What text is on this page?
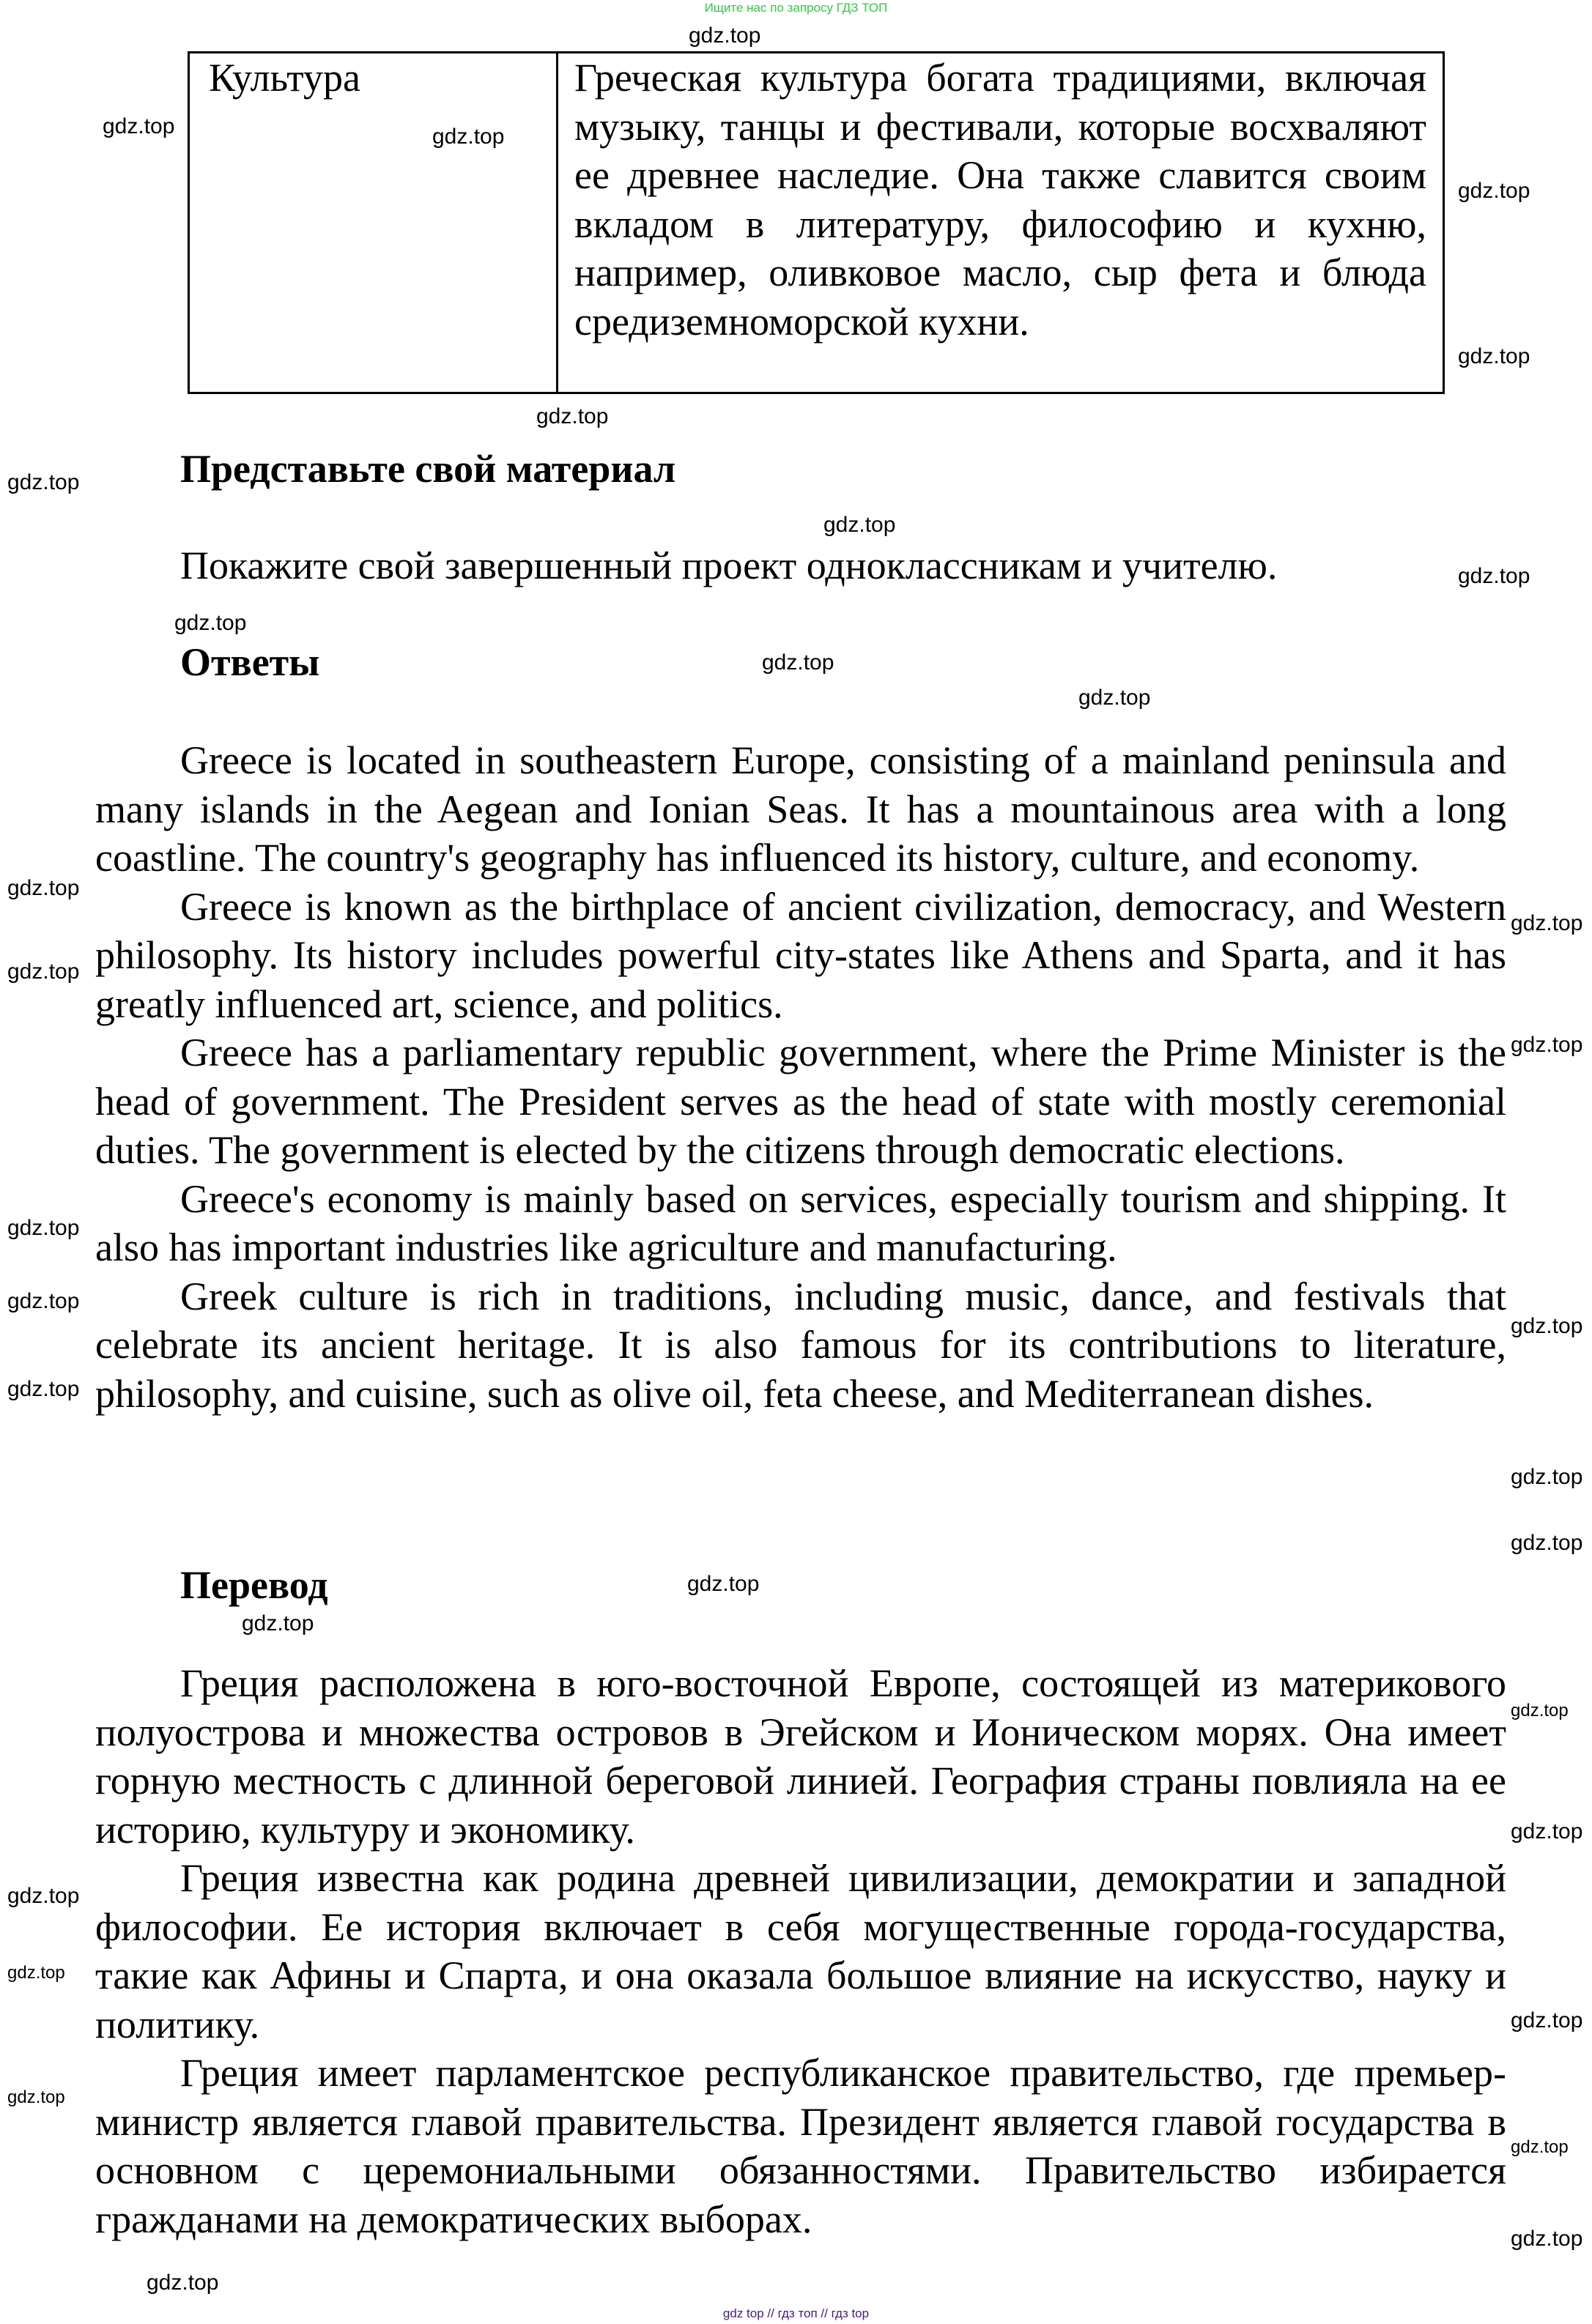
Ищите нас по запросу ГДЗ ТОП
Культура	Греческая культура богата традициями, включая музыку, танцы и фестивали, которые восхваляют ее древнее наследие. Она также славится своим вкладом в литературу, философию и кухню, например, оливковое масло, сыр фета и блюда средиземноморской кухни.
Представьте свой материал
Покажите свой завершенный проект одноклассникам и учителю.
Ответы

Greece is located in southeastern Europe, consisting of a mainland peninsula and many islands in the Aegean and Ionian Seas. It has a mountainous area with a long coastline. The country's geography has influenced its history, culture, and economy.

Greece is known as the birthplace of ancient civilization, democracy, and Western philosophy. Its history includes powerful city-states like Athens and Sparta, and it has greatly influenced art, science, and politics.

Greece has a parliamentary republic government, where the Prime Minister is the head of government. The President serves as the head of state with mostly ceremonial duties. The government is elected by the citizens through democratic elections.

Greece's economy is mainly based on services, especially tourism and shipping. It also has important industries like agriculture and manufacturing.

Greek culture is rich in traditions, including music, dance, and festivals that celebrate its ancient heritage. It is also famous for its contributions to literature, philosophy, and cuisine, such as olive oil, feta cheese, and Mediterranean dishes.

Перевод

Греция расположена в юго-восточной Европе, состоящей из материкового полуострова и множества островов в Эгейском и Ионическом морях. Она имеет горную местность с длинной береговой линией. География страны повлияла на ее историю, культуру и экономику.

Греция известна как родина древней цивилизации, демократии и западной философии. Ее история включает в себя могущественные города-государства, такие как Афины и Спарта, и она оказала большое влияние на искусство, науку и политику.

Греция имеет парламентское республиканское правительство, где премьер-министр является главой правительства. Президент является главой государства в основном с церемониальными обязанностями. Правительство избирается гражданами на демократических выборах.

gdz.top
gdz.top
gdz.top
gdz.top
gdz.top
gdz.top
gdz.top
gdz.top
gdz.top
gdz.top
gdz.top
gdz.top
gdz.top
gdz.top
gdz.top
gdz.top
gdz.top
gdz.top
gdz.top
gdz.top
gdz.top
gdz.top
gdz.top
gdz.top
gdz.top
gdz.top
gdz.top
gdz.top
gdz.top
gdz.top
gdz.top
gdz.top
gdz.top
gdz top // гдз топ // гдз top
